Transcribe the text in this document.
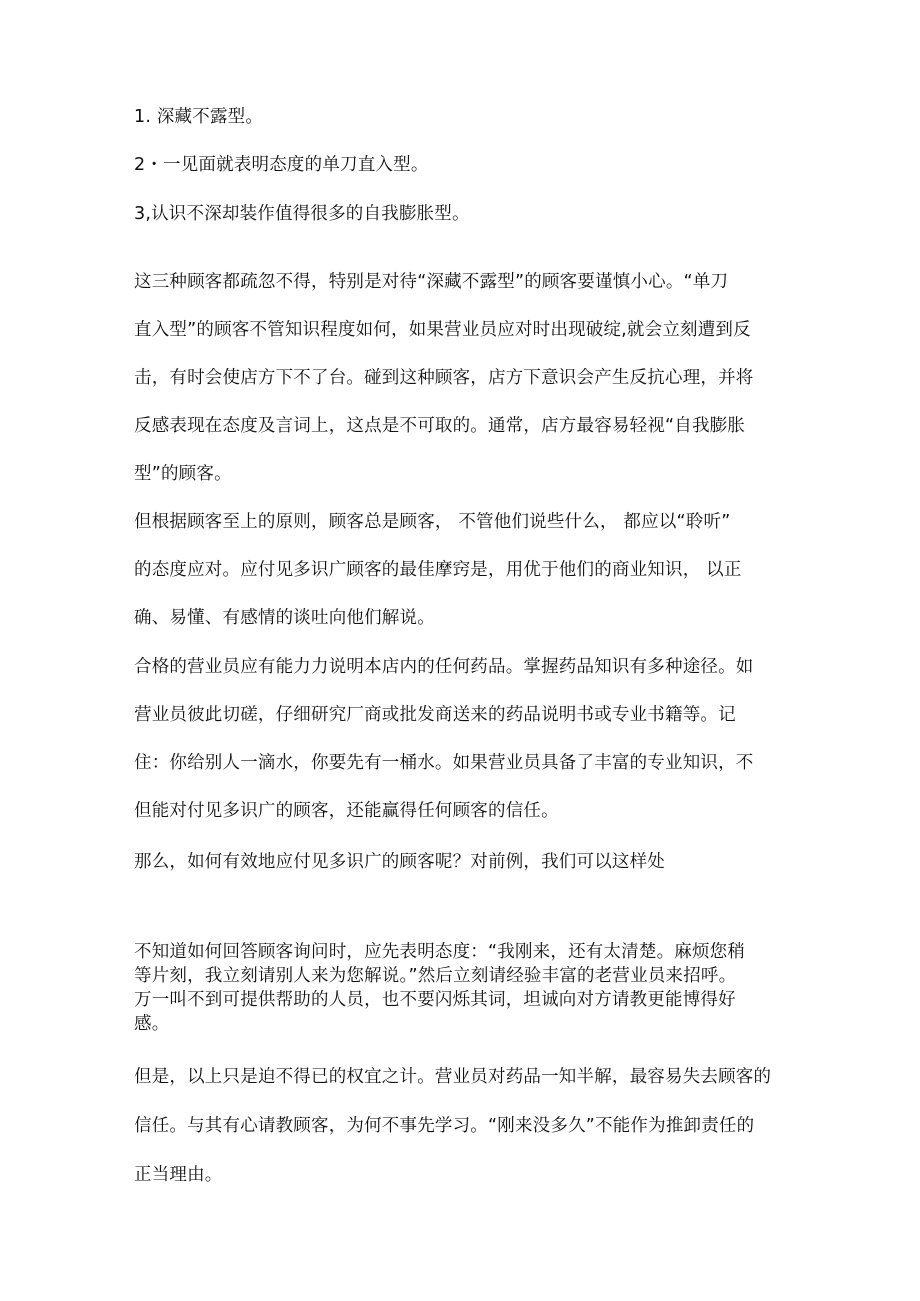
1. 深藏不露型。

2・一见面就表明态度的单刀直入型。

3,认识不深却装作值得很多的自我膨胀型。

这三种顾客都疏忽不得，特别是对待“深藏不露型”的顾客要谨慎小心。“单刀

直入型”的顾客不管知识程度如何，如果营业员应对时出现破绽,就会立刻遭到反

击，有时会使店方下不了台。碰到这种顾客，店方下意识会产生反抗心理，并将

反感表现在态度及言词上，这点是不可取的。通常，店方最容易轻视“自我膨胀

型”的顾客。

但根据顾客至上的原则，顾客总是顾客， 不管他们说些什么， 都应以“聆听”

的态度应对。应付见多识广顾客的最佳摩窍是，用优于他们的商业知识， 以正

确、易懂、有感情的谈吐向他们解说。

合格的营业员应有能力力说明本店内的任何药品。掌握药品知识有多种途径。如

营业员彼此切磋，仔细研究厂商或批发商送来的药品说明书或专业书籍等。记

住：你给别人一滴水，你要先有一桶水。如果营业员具备了丰富的专业知识，不

但能对付见多识广的顾客，还能赢得任何顾客的信任。

那么，如何有效地应付见多识广的顾客呢？对前例，我们可以这样处

不知道如何回答顾客询问时，应先表明态度：“我刚来，还有太清楚。麻烦您稍

等片刻，我立刻请别人来为您解说。”然后立刻请经验丰富的老营业员来招呼。

万一叫不到可提供帮助的人员，也不要闪烁其词，坦诚向对方请教更能博得好

感。

但是，以上只是迫不得已的权宜之计。营业员对药品一知半解，最容易失去顾客的

信任。与其有心请教顾客，为何不事先学习。“刚来没多久”不能作为推卸责任的

正当理由。
